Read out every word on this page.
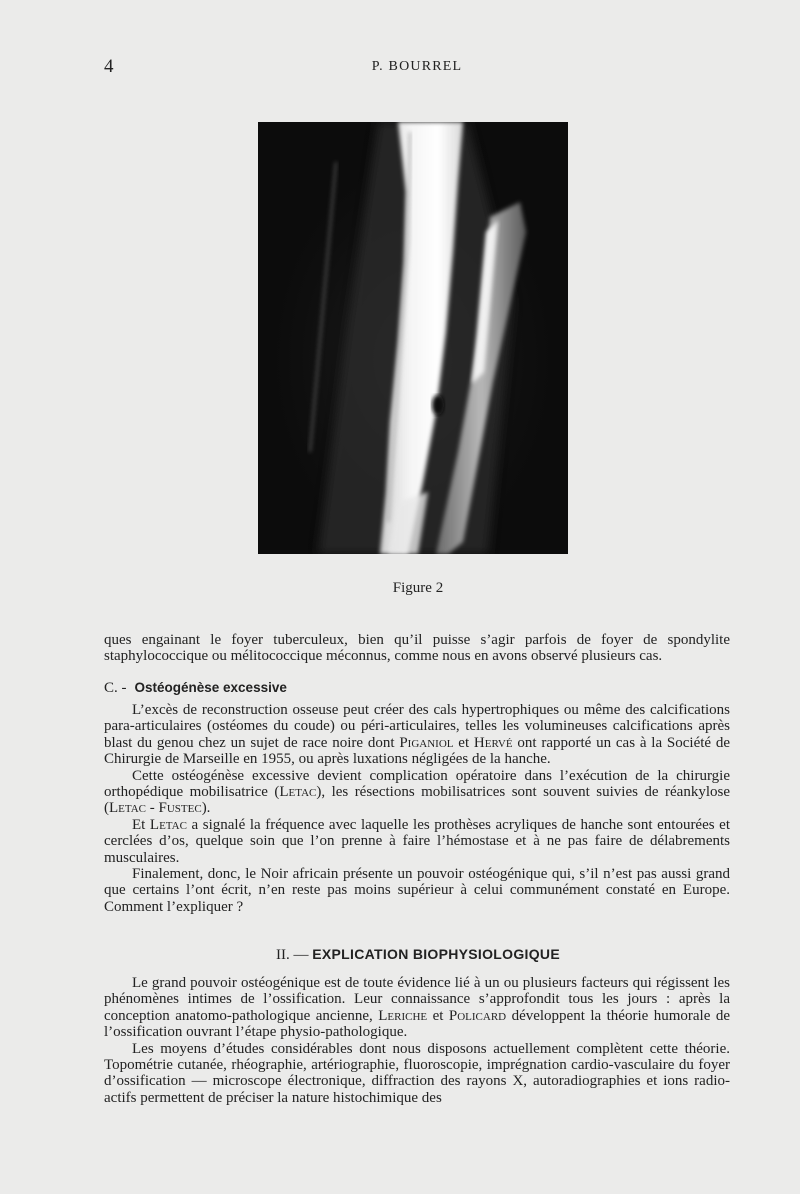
4	P. BOURREL
Figure 2

ques engainant le foyer tuberculeux, bien qu’il puisse s’agir parfois de foyer de spondylite staphylococcique ou mélitococcique méconnus, comme nous en avons observé plusieurs cas.

C. - Ostéogénèse excessive

L’excès de reconstruction osseuse peut créer des cals hypertrophiques ou même des calcifications para-articulaires (ostéomes du coude) ou péri-articulaires, telles les volumineuses calcifications après blast du genou chez un sujet de race noire dont Piganiol et Hervé ont rapporté un cas à la Société de Chirurgie de Marseille en 1955, ou après luxations négligées de la hanche.

Cette ostéogénèse excessive devient complication opératoire dans l’exécution de la chirurgie orthopédique mobilisatrice (Letac), les résections mobilisatrices sont souvent suivies de réankylose (Letac - Fustec).

Et Letac a signalé la fréquence avec laquelle les prothèses acryliques de hanche sont entourées et cerclées d’os, quelque soin que l’on prenne à faire l’hémostase et à ne pas faire de délabrements musculaires.

Finalement, donc, le Noir africain présente un pouvoir ostéogénique qui, s’il n’est pas aussi grand que certains l’ont écrit, n’en reste pas moins supérieur à celui communément constaté en Europe. Comment l’expliquer ?

II. — EXPLICATION BIOPHYSIOLOGIQUE

Le grand pouvoir ostéogénique est de toute évidence lié à un ou plusieurs facteurs qui régissent les phénomènes intimes de l’ossification. Leur connaissance s’approfondit tous les jours : après la conception anatomo-pathologique ancienne, Leriche et Policard développent la théorie humorale de l’ossification ouvrant l’étape physio-pathologique.

Les moyens d’études considérables dont nous disposons actuellement complètent cette théorie. Topométrie cutanée, rhéographie, artériographie, fluoroscopie, imprégnation cardio-vasculaire du foyer d’ossification — microscope électronique, diffraction des rayons X, autoradiographies et ions radio-actifs permettent de préciser la nature histochimique des
